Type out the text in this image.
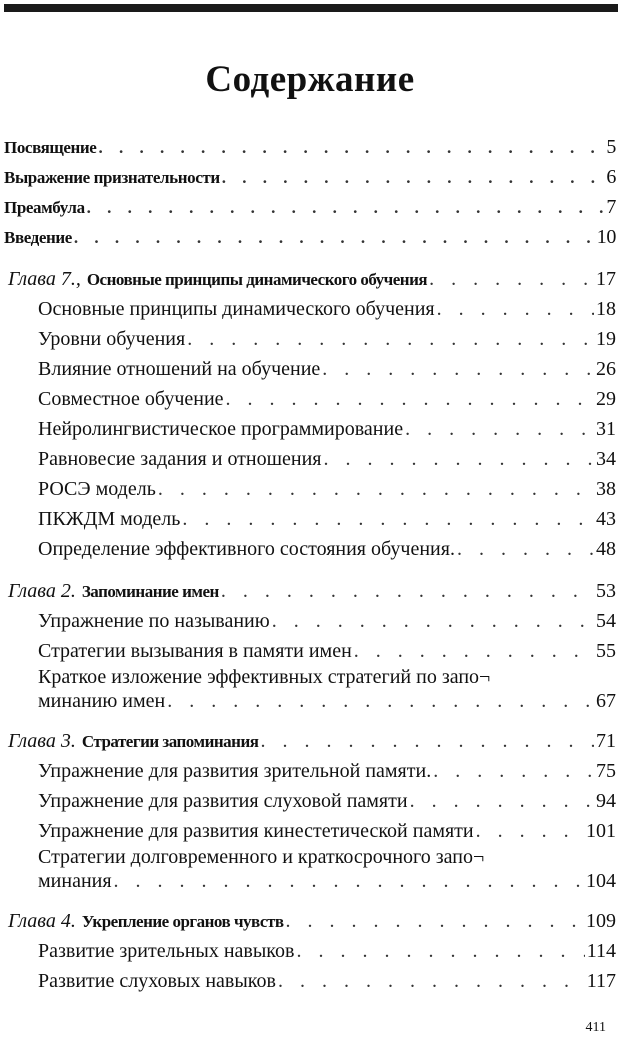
Содержание
Посвящение . . .	5
Выражение признательности . . .	6
Преамбула . . .	7
Введение . . .	10
Глава 7., Основные принципы динамического обучения . . .	17
Основные принципы динамического обучения . . .	18
Уровни обучения . . .	19
Влияние отношений на обучение . . .	26
Совместное обучение . . .	29
Нейролингвистическое программирование . . .	31
Равновесие задания и отношения . . .	34
РОСЭ модель . . .	38
ПКЖДМ модель . . .	43
Определение эффективного состояния обучения. . . .	48
Глава 2. Запоминание имен . . .	53
Упражнение по называнию . . .	54
Стратегии вызывания в памяти имен . . .	55
Краткое изложение эффективных стратегий по запо¬
минанию имен . . .	67
Глава 3. Стратегии запоминания . . .	71
Упражнение для развития зрительной памяти. . . .	75
Упражнение для развития слуховой памяти . . .	94
Упражнение для развития кинестетической памяти . . .	101
Стратегии долговременного и краткосрочного запо¬
минания . . .	104
Глава 4. Укрепление органов чувств . . .	109
Развитие зрительных навыков . . .	114
Развитие слуховых навыков . . .	117
411
